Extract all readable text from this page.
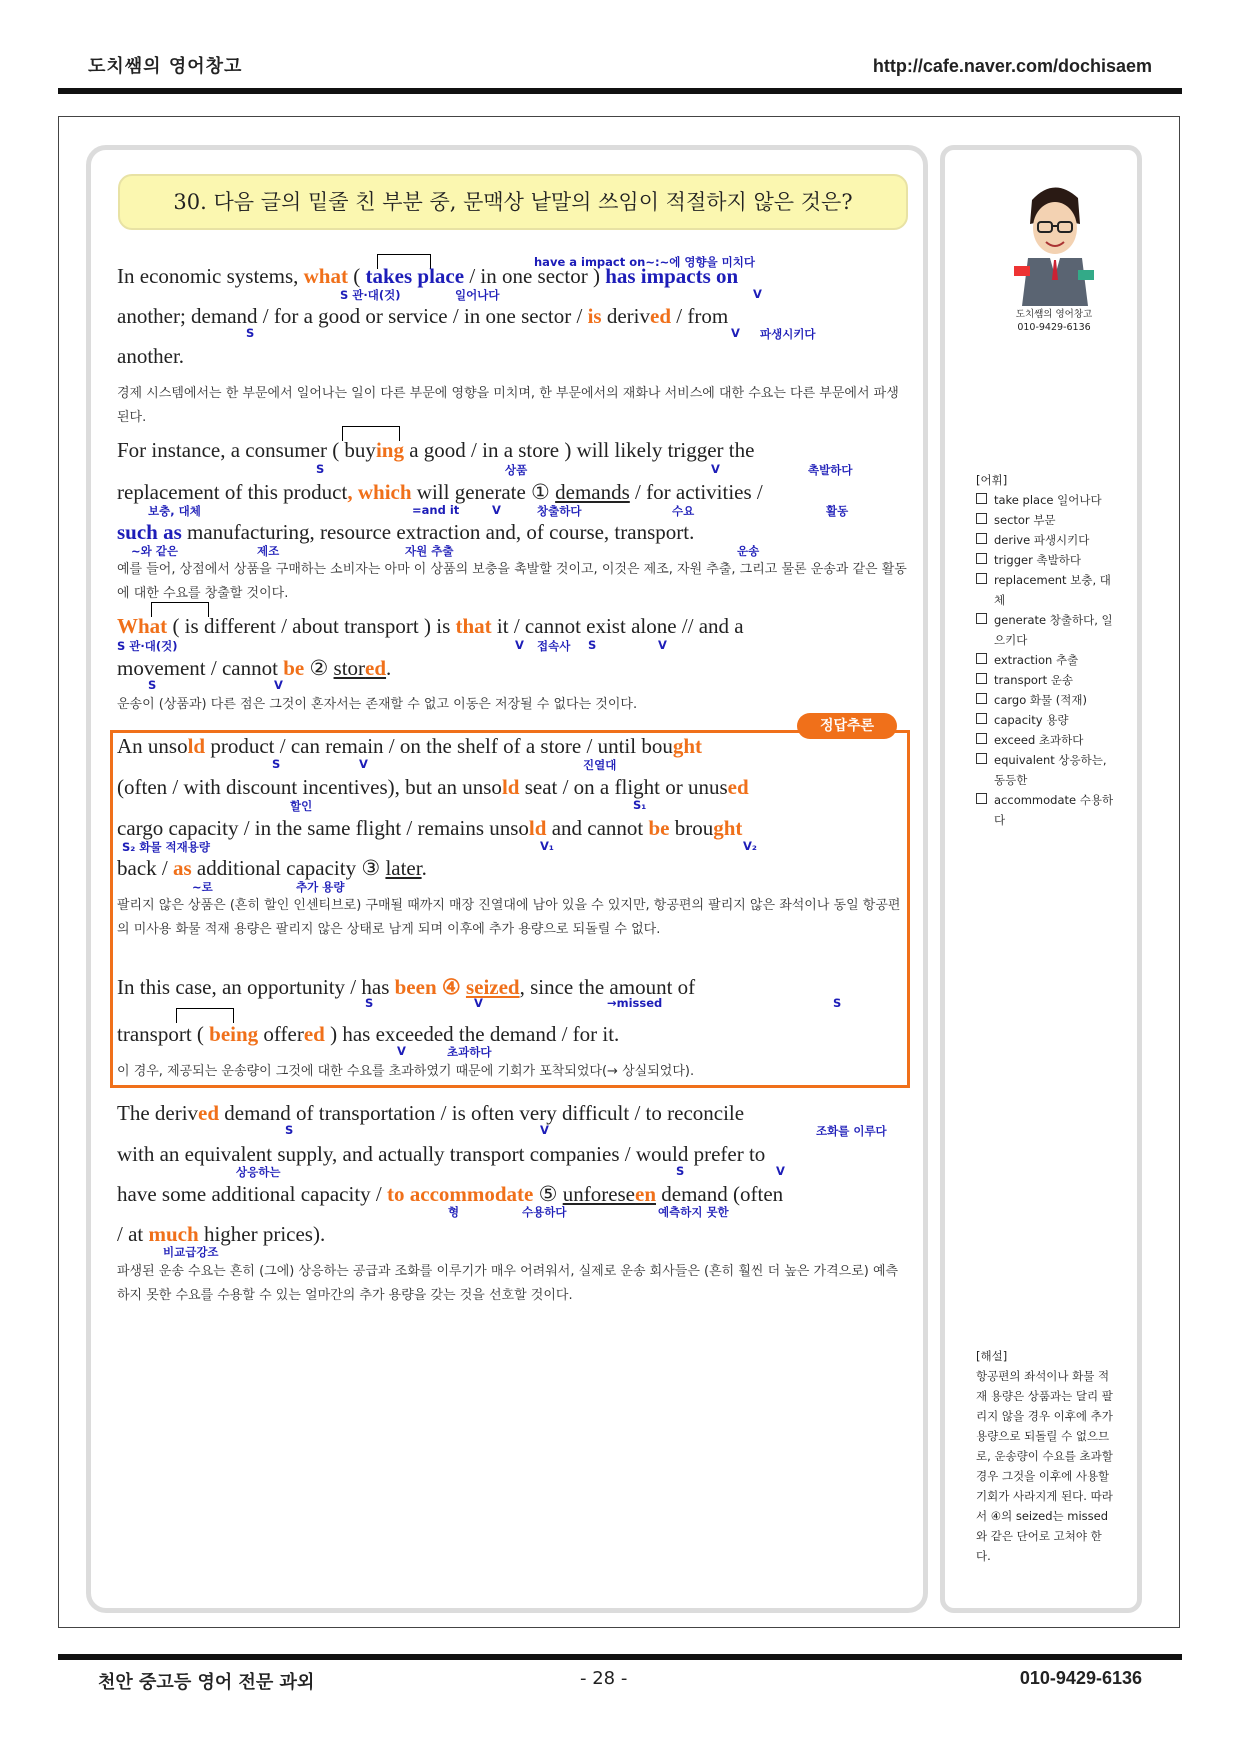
도치쌤의 영어창고	http://cafe.naver.com/dochisaem
30. 다음 글의 밑줄 친 부분 중, 문맥상 낱말의 쓰임이 적절하지 않은 것은?
have a impact on~:~에 영향을 미치다
In economic systems, what ( takes place / in one sector ) has impacts on
S 관·대(것)	일어나다	V
another; demand / for a good or service / in one sector / is derived / from
S	V 파생시키다
another.
경제 시스템에서는 한 부문에서 일어나는 일이 다른 부문에 영향을 미치며, 한 부문에서의 재화나 서비스에 대한 수요는 다른 부문에서 파생된다.
For instance, a consumer ( buying a good / in a store ) will likely trigger the
S	상품	V	촉발하다
replacement of this product, which will generate ① demands / for activities /
보충, 대체	=and it	V	창출하다	수요	활동
such as manufacturing, resource extraction and, of course, transport.
~와 같은	제조	자원 추출	운송
예를 들어, 상점에서 상품을 구매하는 소비자는 아마 이 상품의 보충을 촉발할 것이고, 이것은 제조, 자원 추출, 그리고 물론 운송과 같은 활동에 대한 수요를 창출할 것이다.
What ( is different / about transport ) is that it / cannot exist alone // and a
S 관·대(것)	V 접속사 S	V
movement / cannot be ② stored.
S	V
운송이 (상품과) 다른 점은 그것이 혼자서는 존재할 수 없고 이동은 저장될 수 없다는 것이다.
정답추론
An unsold product / can remain / on the shelf of a store / until bought
S	V	진열대
(often / with discount incentives), but an unsold seat / on a flight or unused
할인	S₁
cargo capacity / in the same flight / remains unsold and cannot be brought
S₂ 화물 적재용량	V₁	V₂
back / as additional capacity ③ later.
~로	추가 용량
팔리지 않은 상품은 (흔히 할인 인센티브로) 구매될 때까지 매장 진열대에 남아 있을 수 있지만, 항공편의 팔리지 않은 좌석이나 동일 항공편의 미사용 화물 적재 용량은 팔리지 않은 상태로 남게 되며 이후에 추가 용량으로 되돌릴 수 없다.
In this case, an opportunity / has been ④ seized, since the amount of
S	V	→missed	S
transport ( being offered ) has exceeded the demand / for it.
V	초과하다
이 경우, 제공되는 운송량이 그것에 대한 수요를 초과하였기 때문에 기회가 포착되었다(→ 상실되었다).
The derived demand of transportation / is often very difficult / to reconcile
S	V	조화를 이루다
with an equivalent supply, and actually transport companies / would prefer to
상응하는	S	V
have some additional capacity / to accommodate ⑤ unforeseen demand (often
형	수용하다	예측하지 못한
/ at much higher prices).
비교급강조
파생된 운송 수요는 흔히 (그에) 상응하는 공급과 조화를 이루기가 매우 어려워서, 실제로 운송 회사들은 (흔히 훨씬 더 높은 가격으로) 예측하지 못한 수요를 수용할 수 있는 얼마간의 추가 용량을 갖는 것을 선호할 것이다.
도치쌤의 영어창고
010-9429-6136
[어휘]
take place 일어나다
sector 부문
derive 파생시키다
trigger 촉발하다
replacement 보충, 대체
generate 창출하다, 일으키다
extraction 추출
transport 운송
cargo 화물 (적재)
capacity 용량
exceed 초과하다
equivalent 상응하는, 동등한
accommodate 수용하다
[해설]
항공편의 좌석이나 화물 적재 용량은 상품과는 달리 팔리지 않을 경우 이후에 추가 용량으로 되돌릴 수 없으므로, 운송량이 수요를 초과할 경우 그것을 이후에 사용할 기회가 사라지게 된다. 따라서 ④의 seized는 missed와 같은 단어로 고쳐야 한다.
천안 중고등 영어 전문 과외	- 28 -	010-9429-6136
